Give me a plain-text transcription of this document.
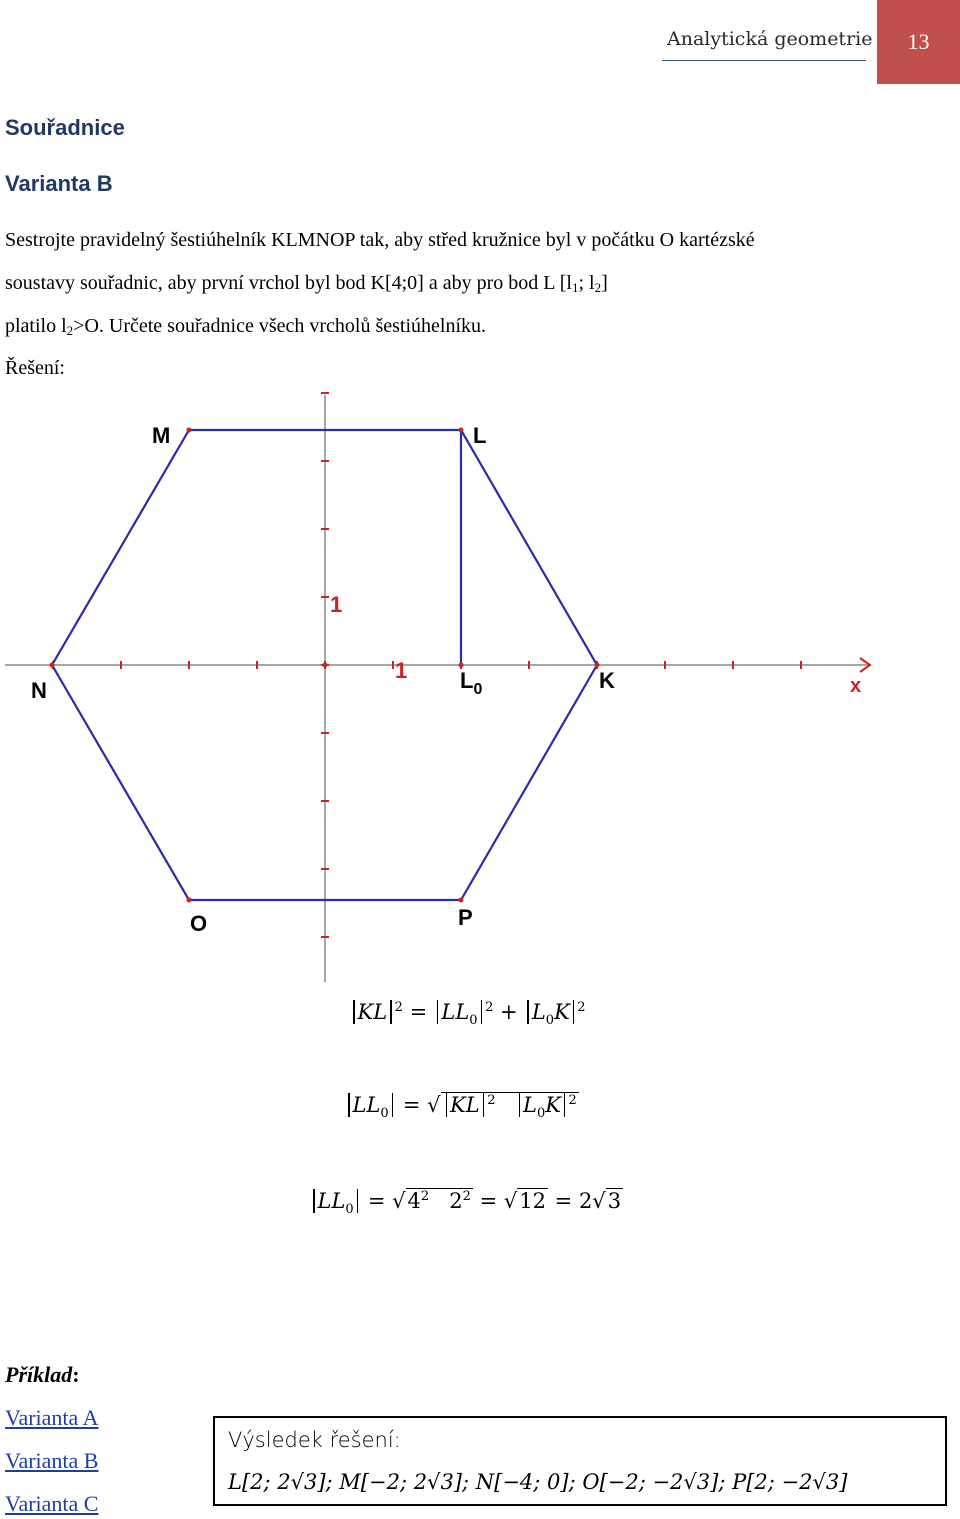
Analytická geometrie 13
Souřadnice
Varianta B
Sestrojte pravidelný šestiúhelník KLMNOP tak, aby střed kružnice byl v počátku O kartézské
soustavy souřadnic, aby první vrchol byl bod K[4;0] a aby pro bod L [$l_1$; $l_2$]
platilo $l_2>O$. Určete souřadnice všech vrcholů šestiúhelníku.
Řešení:
M	L
N	K
O	P
$L_0$	x
1
1
KL $^2 = LL_0^2 + L_0K$ $^2$
$LL_0$ = √ KL $^2$ $L_0K$ $^2$
$LL_0 = √4^2$   $2^2 = √12 = 2√3$
Příklad:
Varianta A
Varianta B
Varianta C
Výsledek řešení:
L[2; 2√3]; M[−2; 2√3]; N[−4; 0]; O[−2; −2√3]; P[2; −2√3]
